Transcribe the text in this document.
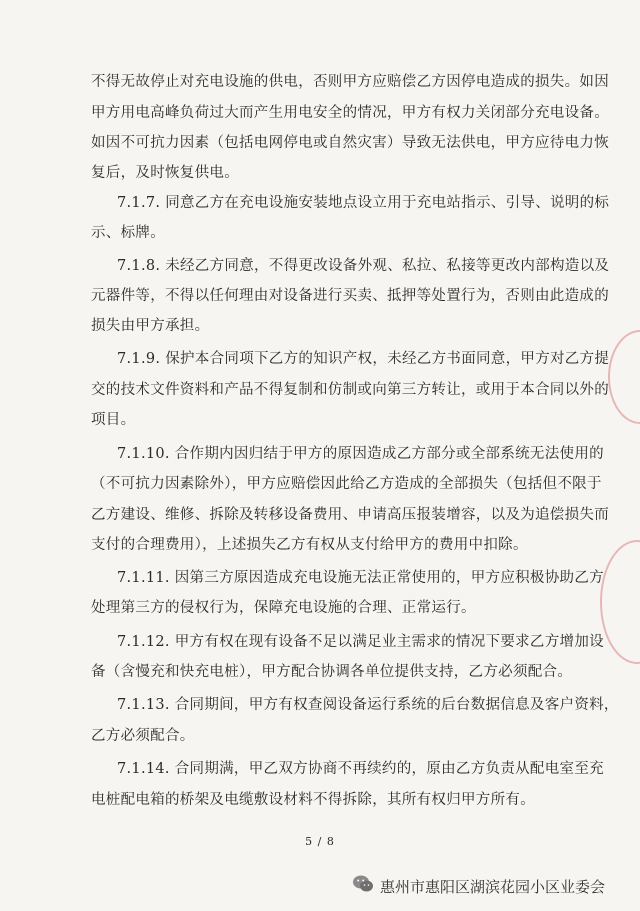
不得无故停止对充电设施的供电，否则甲方应赔偿乙方因停电造成的损失。如因
甲方用电高峰负荷过大而产生用电安全的情况，甲方有权力关闭部分充电设备。
如因不可抗力因素（包括电网停电或自然灾害）导致无法供电，甲方应待电力恢
复后，及时恢复供电。
7.1.7. 同意乙方在充电设施安装地点设立用于充电站指示、引导、说明的标
示、标牌。
7.1.8. 未经乙方同意，不得更改设备外观、私拉、私接等更改内部构造以及
元器件等，不得以任何理由对设备进行买卖、抵押等处置行为，否则由此造成的
损失由甲方承担。
7.1.9. 保护本合同项下乙方的知识产权，未经乙方书面同意，甲方对乙方提
交的技术文件资料和产品不得复制和仿制或向第三方转让，或用于本合同以外的
项目。
7.1.10. 合作期内因归结于甲方的原因造成乙方部分或全部系统无法使用的
（不可抗力因素除外），甲方应赔偿因此给乙方造成的全部损失（包括但不限于
乙方建设、维修、拆除及转移设备费用、申请高压报装增容，以及为追偿损失而
支付的合理费用），上述损失乙方有权从支付给甲方的费用中扣除。
7.1.11. 因第三方原因造成充电设施无法正常使用的，甲方应积极协助乙方
处理第三方的侵权行为，保障充电设施的合理、正常运行。
7.1.12. 甲方有权在现有设备不足以满足业主需求的情况下要求乙方增加设
备（含慢充和快充电桩），甲方配合协调各单位提供支持，乙方必须配合。
7.1.13. 合同期间，甲方有权查阅设备运行系统的后台数据信息及客户资料，
乙方必须配合。
7.1.14. 合同期满，甲乙双方协商不再续约的，原由乙方负责从配电室至充
电桩配电箱的桥架及电缆敷设材料不得拆除，其所有权归甲方所有。
5 / 8
惠州市惠阳区湖滨花园小区业委会
